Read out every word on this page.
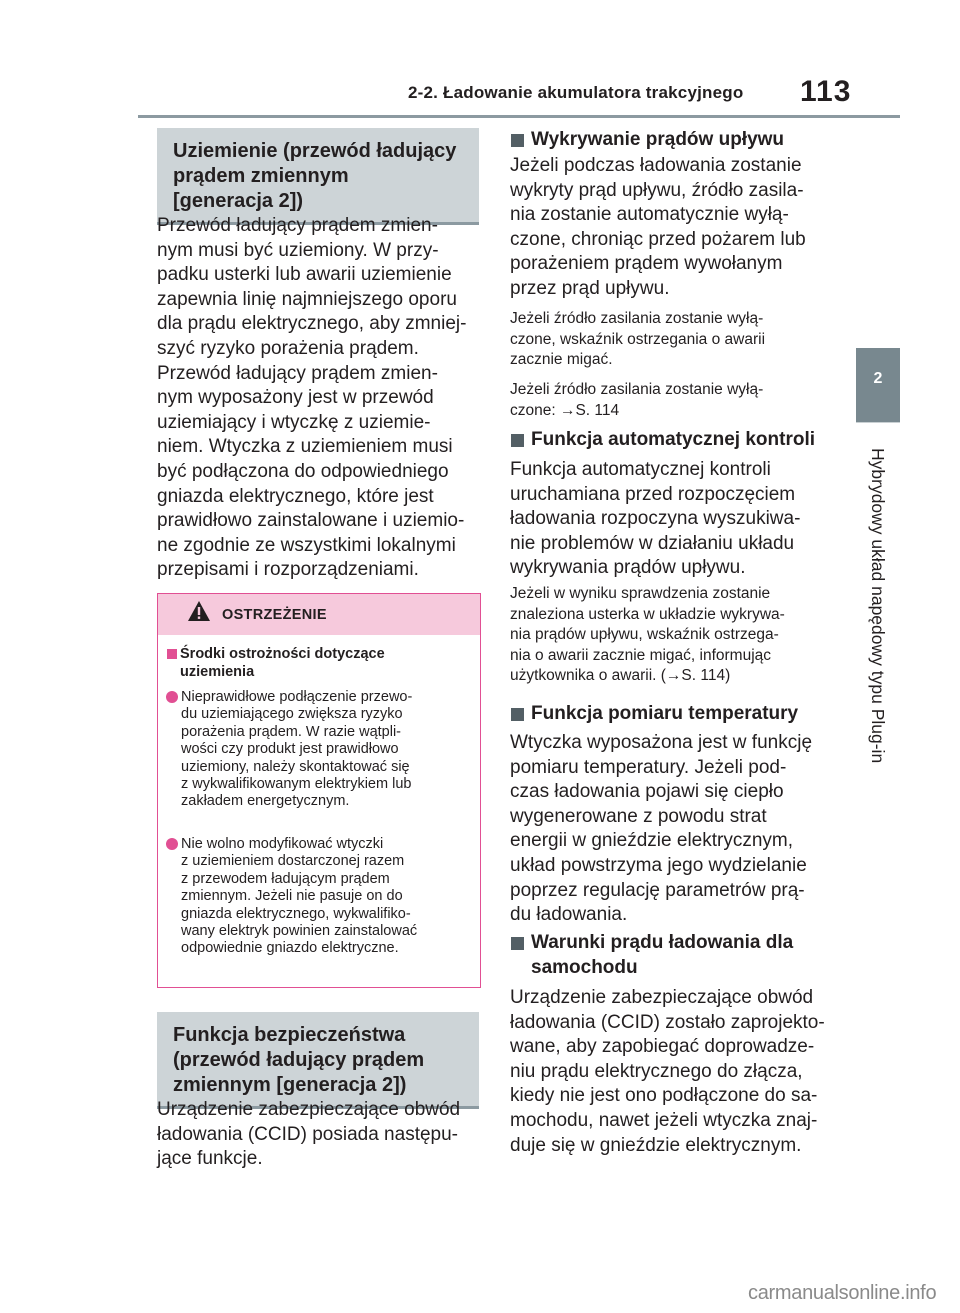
2-2. Ładowanie akumulatora trakcyjnego 113
2
Hybrydowy układ napędowy typu Plug-in
Uziemienie (przewód ładujący
prądem zmiennym
[generacja 2])
Przewód ładujący prądem zmien-
nym musi być uziemiony. W przy-
padku usterki lub awarii uziemienie
zapewnia linię najmniejszego oporu
dla prądu elektrycznego, aby zmniej-
szyć ryzyko porażenia prądem.
Przewód ładujący prądem zmien-
nym wyposażony jest w przewód
uziemiający i wtyczkę z uziemie-
niem. Wtyczka z uziemieniem musi
być podłączona do odpowiedniego
gniazda elektrycznego, które jest
prawidłowo zainstalowane i uziemio-
ne zgodnie ze wszystkimi lokalnymi
przepisami i rozporządzeniami.
OSTRZEŻENIE
Środki ostrożności dotyczące
uziemienia
Nieprawidłowe podłączenie przewo-
du uziemiającego zwiększa ryzyko
porażenia prądem. W razie wątpli-
wości czy produkt jest prawidłowo
uziemiony, należy skontaktować się
z wykwalifikowanym elektrykiem lub
zakładem energetycznym.
Nie wolno modyfikować wtyczki
z uziemieniem dostarczonej razem
z przewodem ładującym prądem
zmiennym. Jeżeli nie pasuje on do
gniazda elektrycznego, wykwalifiko-
wany elektryk powinien zainstalować
odpowiednie gniazdo elektryczne.
Funkcja bezpieczeństwa
(przewód ładujący prądem
zmiennym [generacja 2])
Urządzenie zabezpieczające obwód
ładowania (CCID) posiada następu-
jące funkcje.
Wykrywanie prądów upływu
Jeżeli podczas ładowania zostanie
wykryty prąd upływu, źródło zasila-
nia zostanie automatycznie wyłą-
czone, chroniąc przed pożarem lub
porażeniem prądem wywołanym
przez prąd upływu.
Jeżeli źródło zasilania zostanie wyłą-
czone, wskaźnik ostrzegania o awarii
zacznie migać.
Jeżeli źródło zasilania zostanie wyłą-
czone: →S. 114
Funkcja automatycznej kontroli
Funkcja automatycznej kontroli
uruchamiana przed rozpoczęciem
ładowania rozpoczyna wyszukiwa-
nie problemów w działaniu układu
wykrywania prądów upływu.
Jeżeli w wyniku sprawdzenia zostanie
znaleziona usterka w układzie wykrywa-
nia prądów upływu, wskaźnik ostrzega-
nia o awarii zacznie migać, informując
użytkownika o awarii. (→S. 114)
Funkcja pomiaru temperatury
Wtyczka wyposażona jest w funkcję
pomiaru temperatury. Jeżeli pod-
czas ładowania pojawi się ciepło
wygenerowane z powodu strat
energii w gnieździe elektrycznym,
układ powstrzyma jego wydzielanie
poprzez regulację parametrów prą-
du ładowania.
Warunki prądu ładowania dla
samochodu
Urządzenie zabezpieczające obwód
ładowania (CCID) zostało zaprojekto-
wane, aby zapobiegać doprowadze-
niu prądu elektrycznego do złącza,
kiedy nie jest ono podłączone do sa-
mochodu, nawet jeżeli wtyczka znaj-
duje się w gnieździe elektrycznym.
carmanualsonline.info
